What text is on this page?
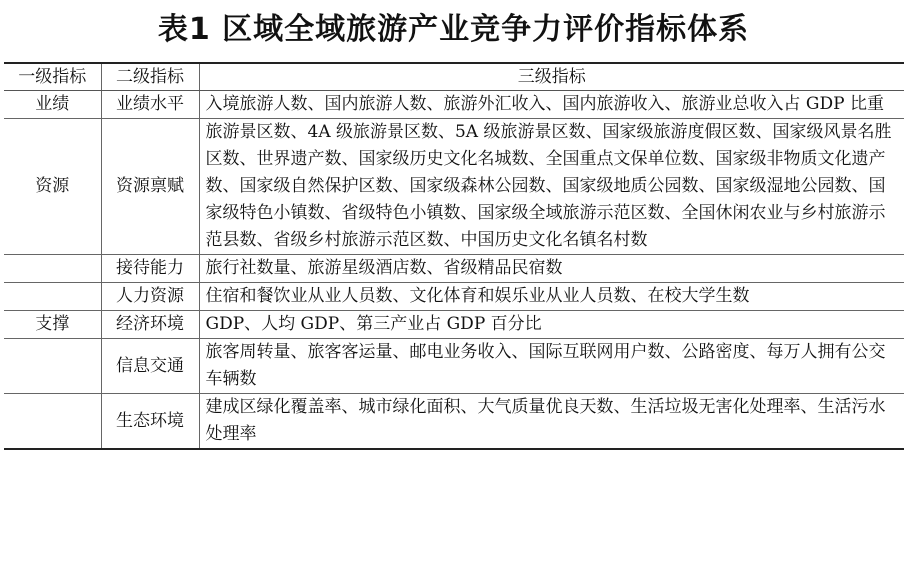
表1 区域全域旅游产业竞争力评价指标体系
一级指标	二级指标	三级指标
业绩	业绩水平	入境旅游人数、国内旅游人数、旅游外汇收入、国内旅游收入、旅游业总收入占 GDP 比重
资源	资源禀赋	旅游景区数、4A 级旅游景区数、5A 级旅游景区数、国家级旅游度假区数、国家级风景名胜区数、世界遗产数、国家级历史文化名城数、全国重点文保单位数、国家级非物质文化遗产数、国家级自然保护区数、国家级森林公园数、国家级地质公园数、国家级湿地公园数、国家级特色小镇数、省级特色小镇数、国家级全域旅游示范区数、全国休闲农业与乡村旅游示范县数、省级乡村旅游示范区数、中国历史文化名镇名村数
	接待能力	旅行社数量、旅游星级酒店数、省级精品民宿数
	人力资源	住宿和餐饮业从业人员数、文化体育和娱乐业从业人员数、在校大学生数
支撑	经济环境	GDP、人均 GDP、第三产业占 GDP 百分比
	信息交通	旅客周转量、旅客客运量、邮电业务收入、国际互联网用户数、公路密度、每万人拥有公交车辆数
	生态环境	建成区绿化覆盖率、城市绿化面积、大气质量优良天数、生活垃圾无害化处理率、生活污水处理率
